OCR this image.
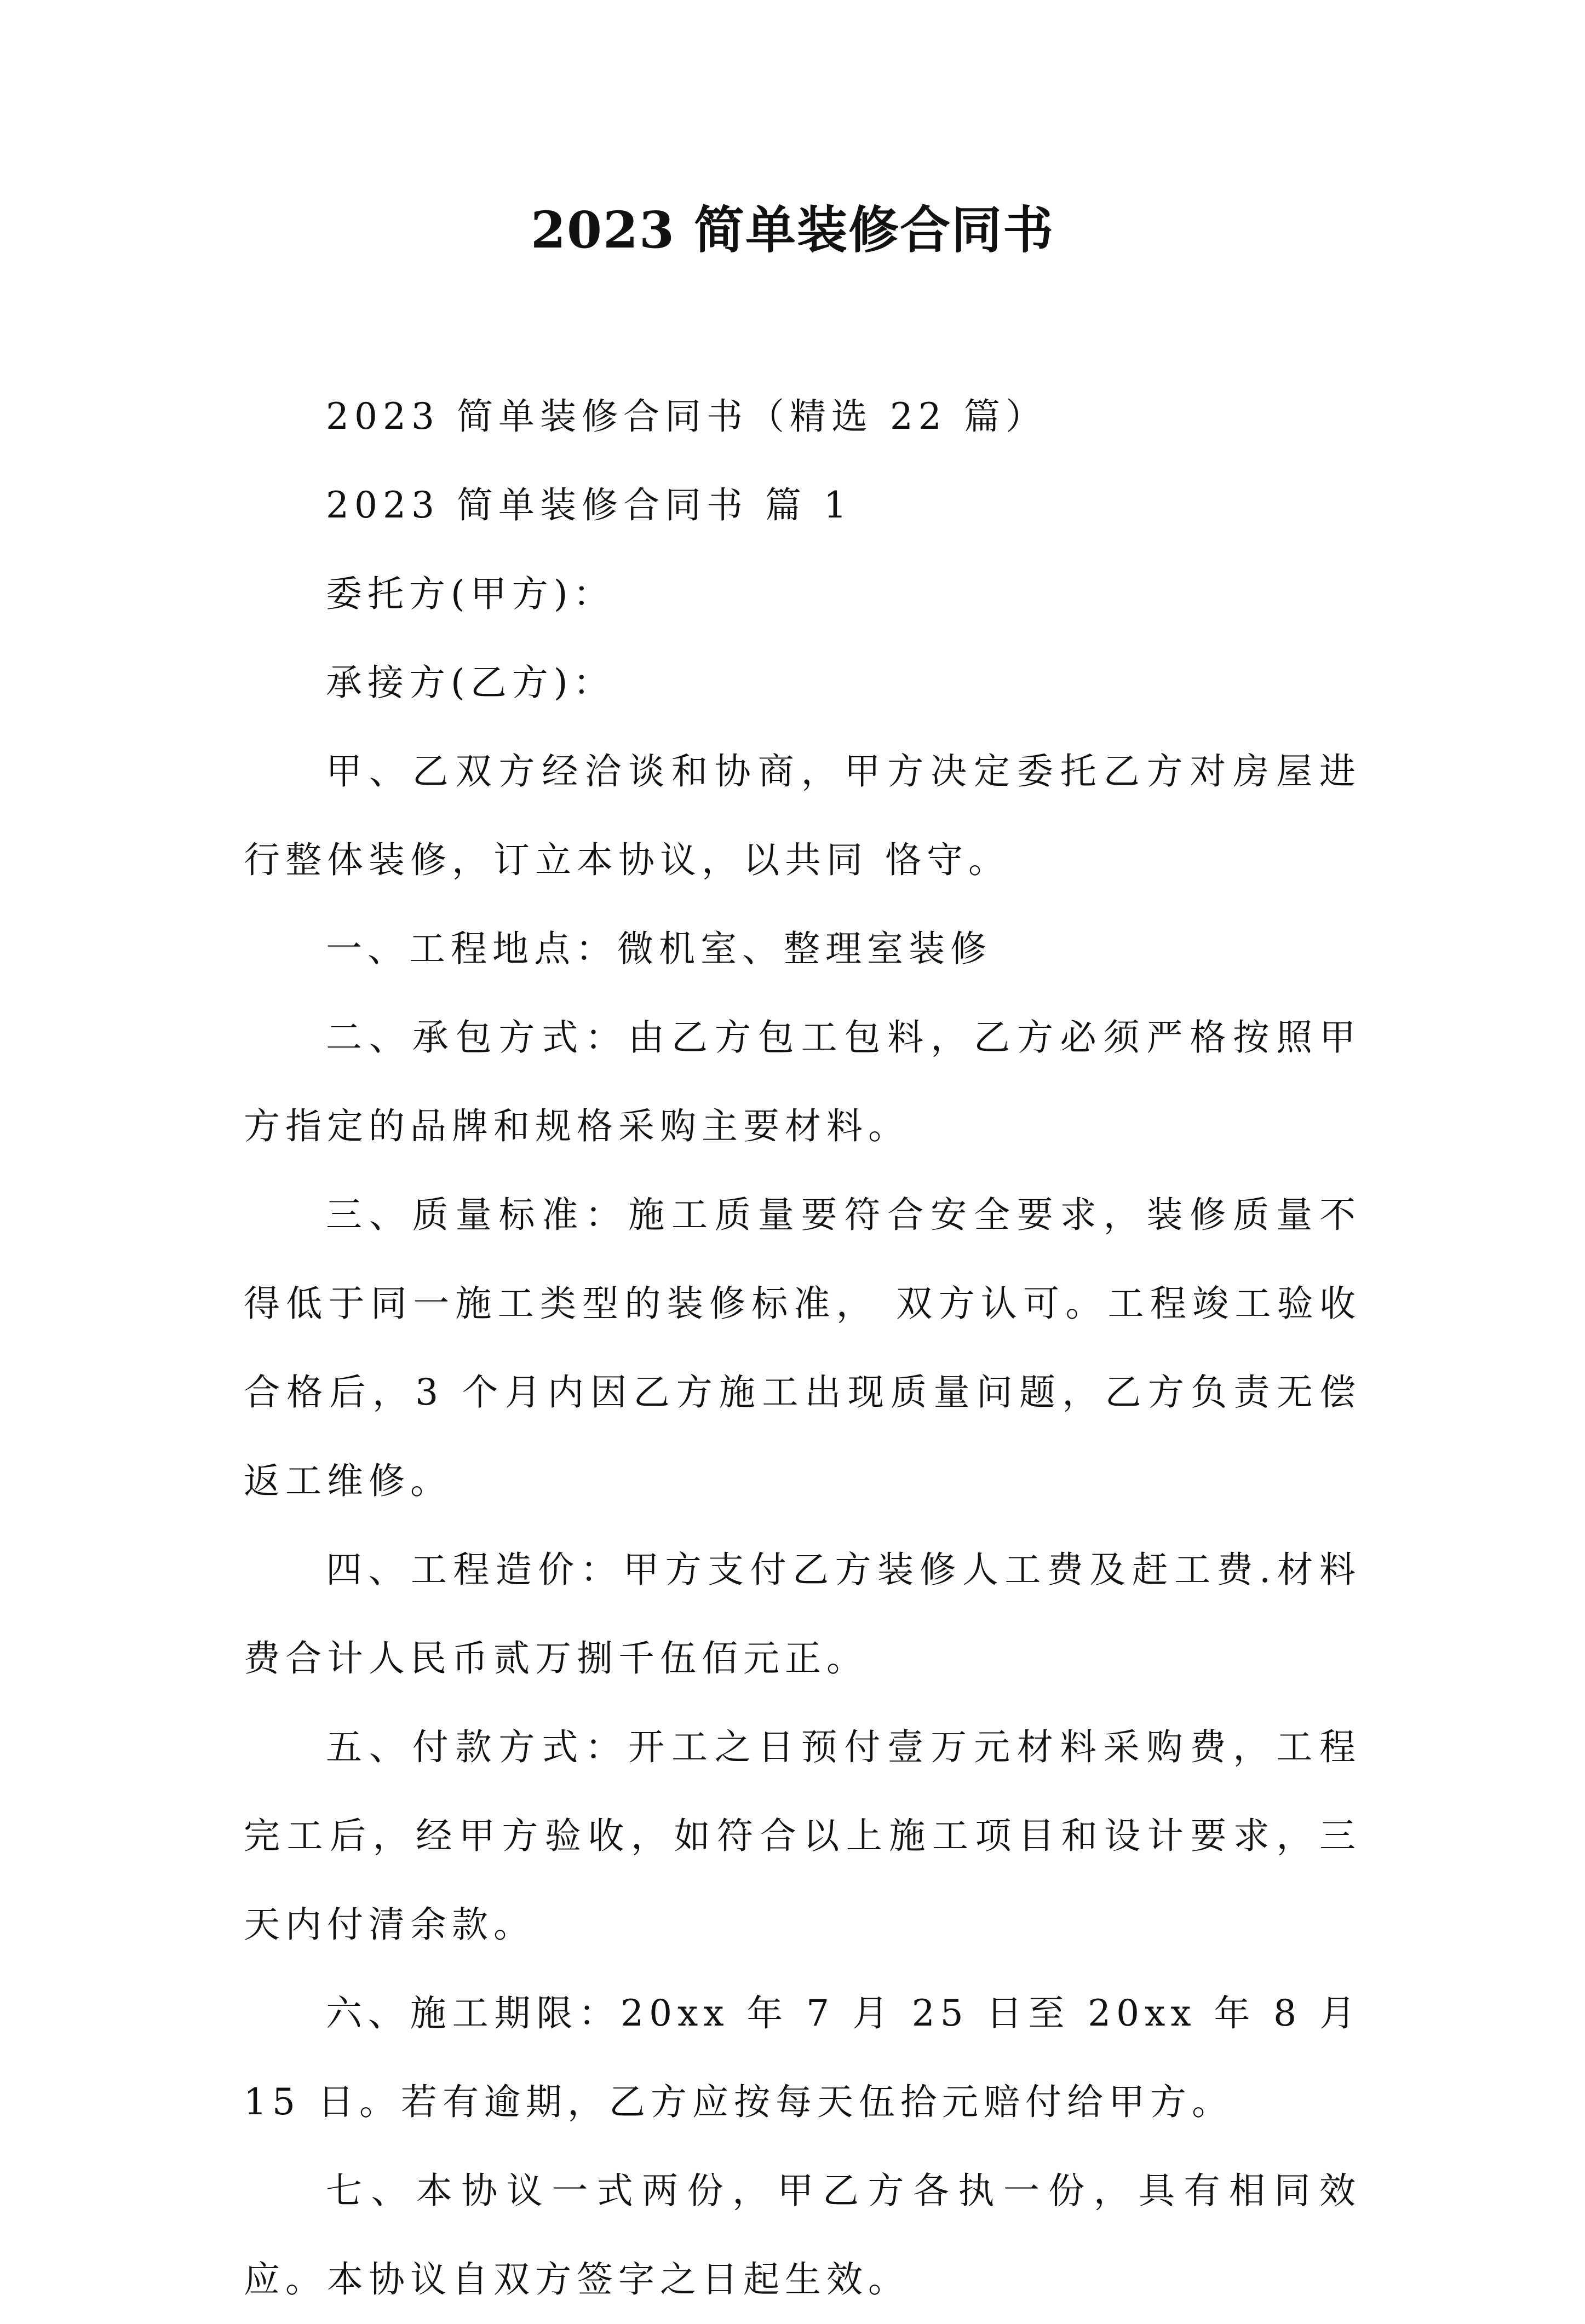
2023 简单装修合同书

2023 简单装修合同书（精选 22 篇）

2023 简单装修合同书 篇 1

委托方(甲方)：

承接方(乙方)：

甲、乙双方经洽谈和协商，甲方决定委托乙方对房屋进行整体装修，订立本协议，以共同 恪守。

一、工程地点：微机室、整理室装修

二、承包方式：由乙方包工包料，乙方必须严格按照甲方指定的品牌和规格采购主要材料。

三、质量标准：施工质量要符合安全要求，装修质量不得低于同一施工类型的装修标准， 双方认可。工程竣工验收合格后，3 个月内因乙方施工出现质量问题，乙方负责无偿返工维修。

四、工程造价：甲方支付乙方装修人工费及赶工费.材料费合计人民币贰万捌千伍佰元正。

五、付款方式：开工之日预付壹万元材料采购费，工程完工后，经甲方验收，如符合以上施工项目和设计要求，三天内付清余款。

六、施工期限：20xx 年 7 月 25 日至 20xx 年 8 月 15 日。若有逾期，乙方应按每天伍拾元赔付给甲方。

七、本协议一式两份，甲乙方各执一份，具有相同效应。本协议自双方签字之日起生效。
